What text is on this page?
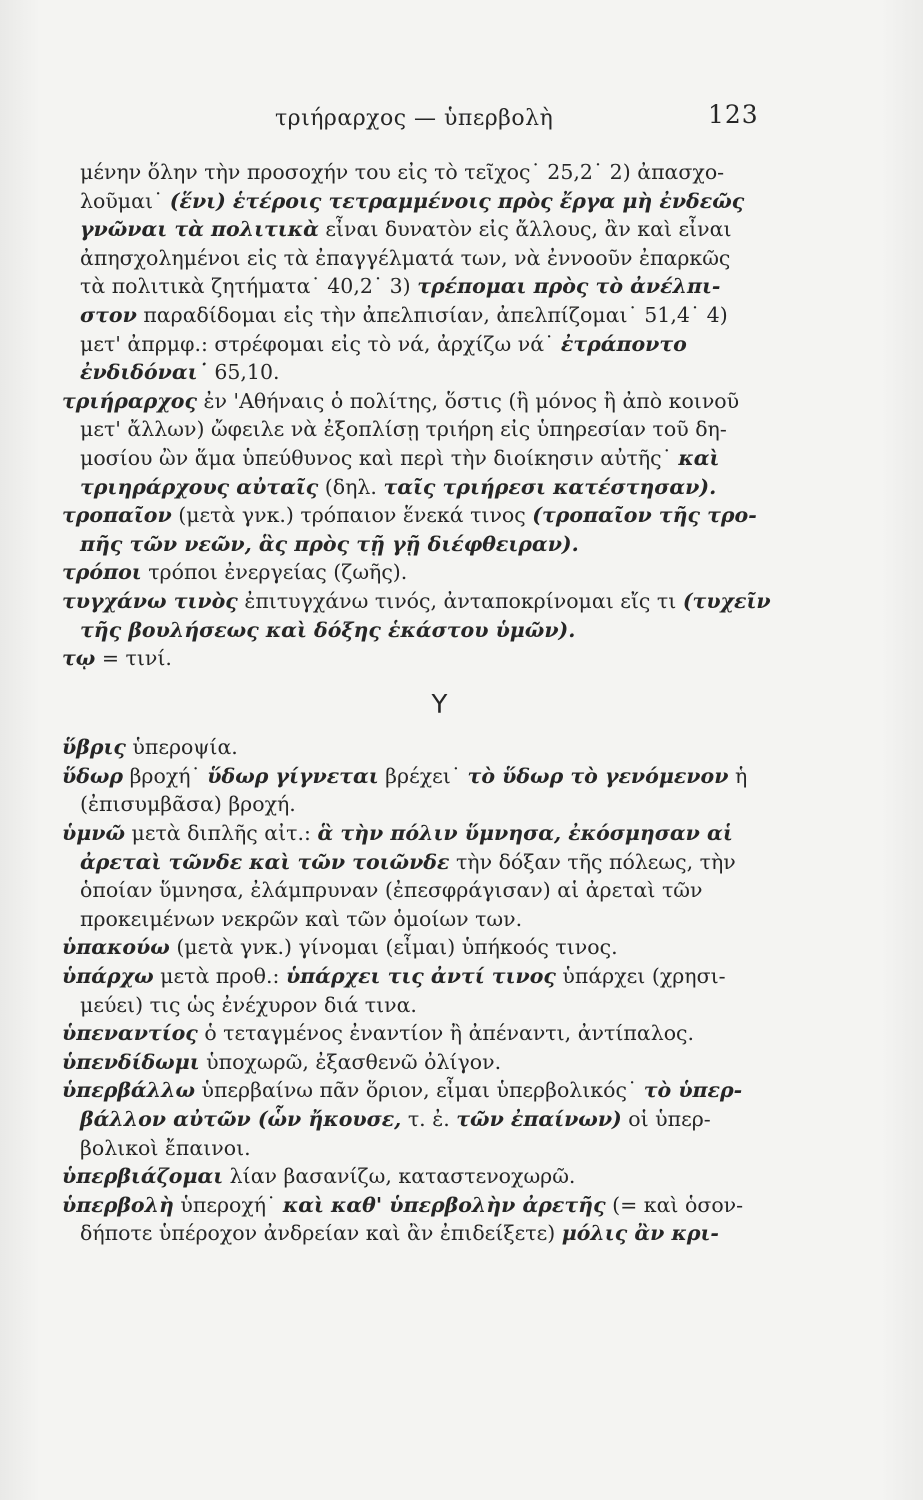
τριήραρχος — ὑπερβολὴ	123
μένην ὅλην τὴν προσοχήν του εἰς τὸ τεῖχος˙ 25,2˙ 2) ἀπασχο-
λοῦμαι˙ (ἕνι) ἑτέροις τετραμμένοις πρὸς ἔργα μὴ ἐνδεῶς
γνῶναι τὰ πολιτικὰ εἶναι δυνατὸν εἰς ἄλλους, ἂν καὶ εἶναι
ἀπησχολημένοι εἰς τὰ ἐπαγγέλματά των, νὰ ἐννοοῦν ἐπαρκῶς
τὰ πολιτικὰ ζητήματα˙ 40,2˙ 3) τρέπομαι πρὸς τὸ ἀνέλπι-
στον παραδίδομαι εἰς τὴν ἀπελπισίαν, ἀπελπίζομαι˙ 51,4˙ 4)
μετ' ἀπρμφ.: στρέφομαι εἰς τὸ νά, ἀρχίζω νά˙ ἐτράποντο
ἐνδιδόναι˙ 65,10.
τριήραρχος ἐν 'Αθήναις ὁ πολίτης, ὅστις (ἢ μόνος ἢ ἀπὸ κοινοῦ
μετ' ἄλλων) ὤφειλε νὰ ἐξοπλίσῃ τριήρη εἰς ὑπηρεσίαν τοῦ δη-
μοσίου ὢν ἅμα ὑπεύθυνος καὶ περὶ τὴν διοίκησιν αὐτῆς˙ καὶ
τριηράρχους αὐταῖς (δηλ. ταῖς τριήρεσι κατέστησαν).
τροπαῖον (μετὰ γνκ.) τρόπαιον ἕνεκά τινος (τροπαῖον τῆς τρο-
πῆς τῶν νεῶν, ἃς πρὸς τῇ γῇ διέφθειραν).
τρόποι τρόποι ἐνεργείας (ζωῆς).
τυγχάνω τινὸς ἐπιτυγχάνω τινός, ἀνταποκρίνομαι εἴς τι (τυχεῖν
τῆς βουλήσεως καὶ δόξης ἑκάστου ὑμῶν).
τῳ = τινί.
Υ
ὕβρις ὑπεροψία.
ὕδωρ βροχή˙ ὕδωρ γίγνεται βρέχει˙ τὸ ὕδωρ τὸ γενόμενον ἡ
(ἐπισυμβᾶσα) βροχή.
ὑμνῶ μετὰ διπλῆς αἰτ.: ἃ τὴν πόλιν ὕμνησα, ἐκόσμησαν αἱ
ἀρεταὶ τῶνδε καὶ τῶν τοιῶνδε τὴν δόξαν τῆς πόλεως, τὴν
ὁποίαν ὕμνησα, ἐλάμπρυναν (ἐπεσφράγισαν) αἱ ἀρεταὶ τῶν
προκειμένων νεκρῶν καὶ τῶν ὁμοίων των.
ὑπακούω (μετὰ γνκ.) γίνομαι (εἶμαι) ὑπήκοός τινος.
ὑπάρχω μετὰ προθ.: ὑπάρχει τις ἀντί τινος ὑπάρχει (χρησι-
μεύει) τις ὡς ἐνέχυρον διά τινα.
ὑπεναντίος ὁ τεταγμένος ἐναντίον ἢ ἀπέναντι, ἀντίπαλος.
ὑπενδίδωμι ὑποχωρῶ, ἐξασθενῶ ὀλίγον.
ὑπερβάλλω ὑπερβαίνω πᾶν ὅριον, εἶμαι ὑπερβολικός˙ τὸ ὑπερ-
βάλλον αὐτῶν (ὧν ἤκουσε, τ. ἐ. τῶν ἐπαίνων) οἱ ὑπερ-
βολικοὶ ἔπαινοι.
ὑπερβιάζομαι λίαν βασανίζω, καταστενοχωρῶ.
ὑπερβολὴ ὑπεροχή˙ καὶ καθ' ὑπερβολὴν ἀρετῆς (= καὶ ὁσον-
δήποτε ὑπέροχον ἀνδρείαν καὶ ἂν ἐπιδείξετε) μόλις ἂν κρι-
